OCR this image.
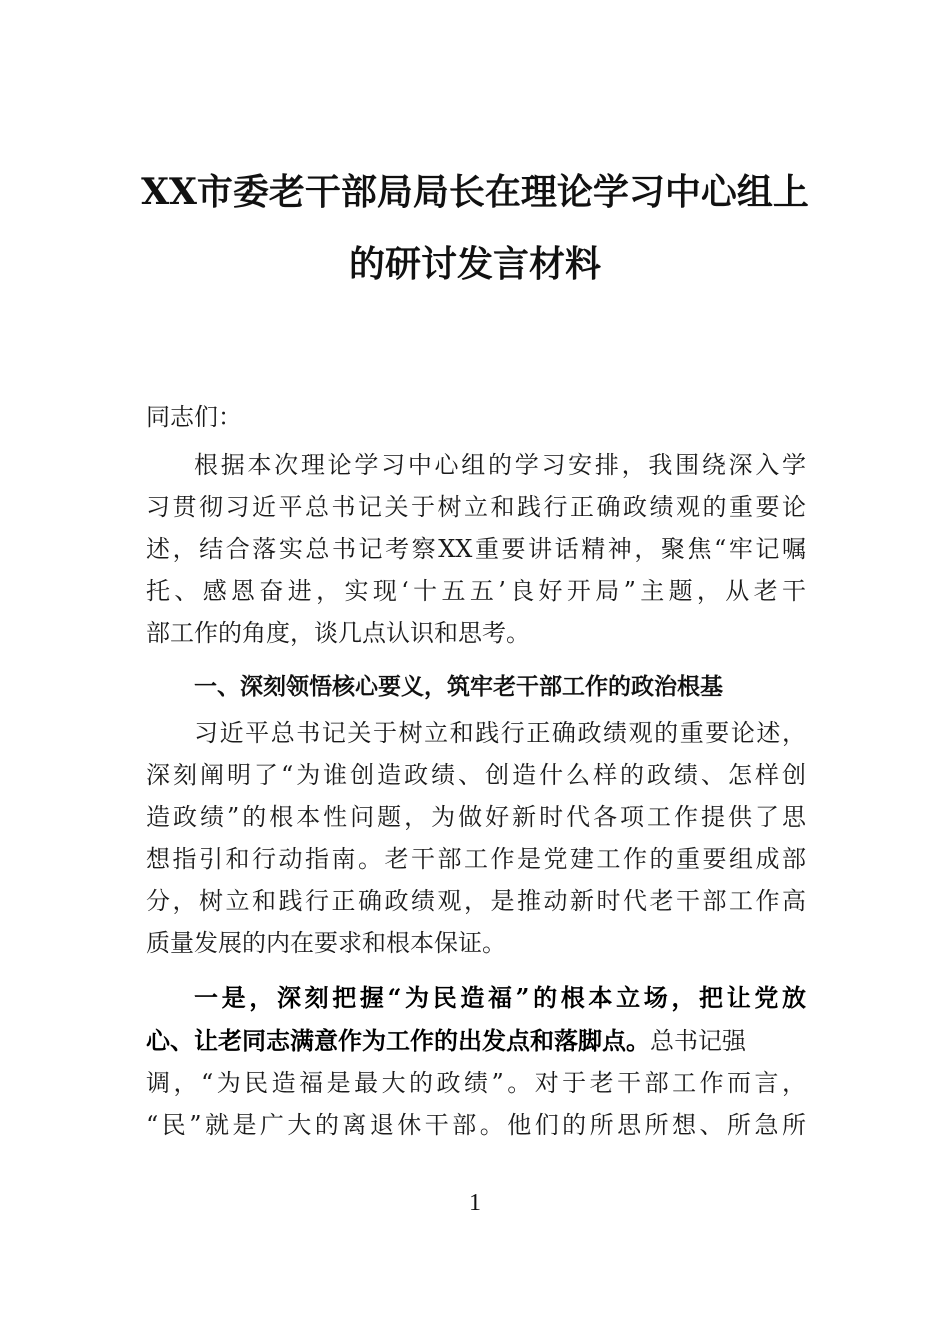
XX市委老干部局局长在理论学习中心组上
的研讨发言材料
同志们：
根据本次理论学习中心组的学习安排，我围绕深入学
习贯彻习近平总书记关于树立和践行正确政绩观的重要论
述，结合落实总书记考察XX重要讲话精神，聚焦“牢记嘱
托、感恩奋进，实现‘十五五’良好开局”主题，从老干
部工作的角度，谈几点认识和思考。
一、深刻领悟核心要义，筑牢老干部工作的政治根基
习近平总书记关于树立和践行正确政绩观的重要论述，
深刻阐明了“为谁创造政绩、创造什么样的政绩、怎样创
造政绩”的根本性问题，为做好新时代各项工作提供了思
想指引和行动指南。老干部工作是党建工作的重要组成部
分，树立和践行正确政绩观，是推动新时代老干部工作高
质量发展的内在要求和根本保证。
一是，深刻把握“为民造福”的根本立场，把让党放
心、让老同志满意作为工作的出发点和落脚点。总书记强
调，“为民造福是最大的政绩”。对于老干部工作而言，
“民”就是广大的离退休干部。他们的所思所想、所急所
1
